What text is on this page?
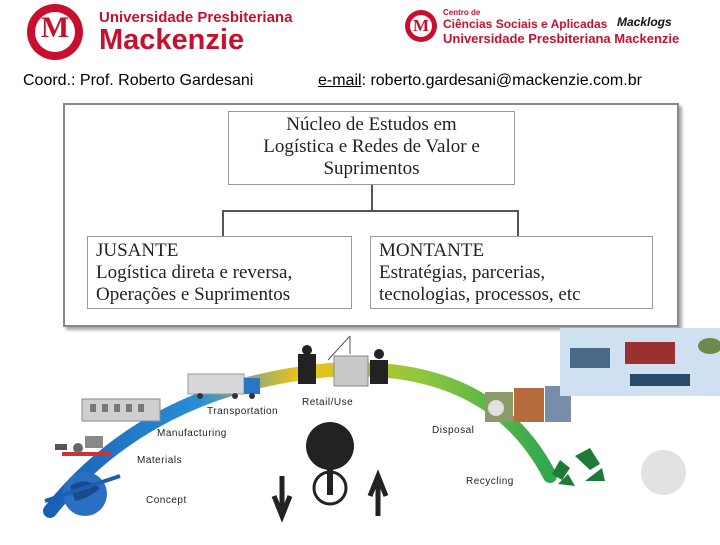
M	Universidade Presbiteriana
Mackenzie	M
Centro de
Ciências Sociais e Aplicadas
Universidade Presbiteriana Mackenzie
Macklogs
Coord.: Prof. Roberto Gardesani	e-mail: roberto.gardesani@mackenzie.com.br
Núcleo de Estudos em
Logística e Redes de Valor e
Suprimentos
JUSANTE
Logística direta e reversa,
Operações e Suprimentos
MONTANTE
Estratégias, parcerias,
tecnologias, processos, etc
Concept
Materials
Manufacturing
Transportation
Retail/Use
Disposal
Recycling
